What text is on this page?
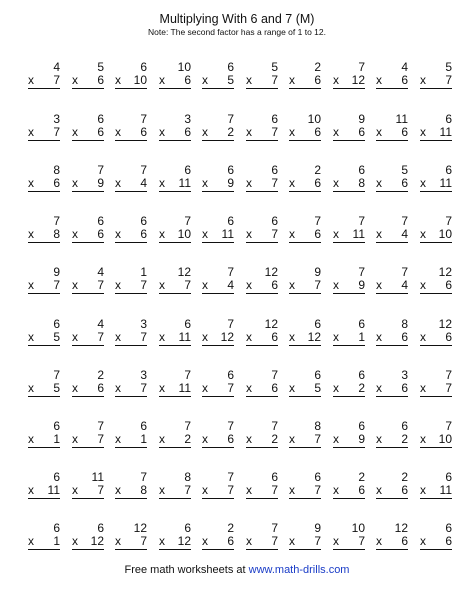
Multiplying With 6 and 7 (M)
Note: The second factor has a range of 1 to 12.
4
x 7
5
x 6
6
x 10
10
x 6
6
x 5
5
x 7
2
x 6
7
x 12
4
x 6
5
x 7
3
x 7
6
x 6
7
x 6
3
x 6
7
x 2
6
x 7
10
x 6
9
x 6
11
x 6
6
x 11
8
x 6
7
x 9
7
x 4
6
x 11
6
x 9
6
x 7
2
x 6
6
x 8
5
x 6
6
x 11
7
x 8
6
x 6
6
x 6
7
x 10
6
x 11
6
x 7
7
x 6
7
x 11
7
x 4
7
x 10
9
x 7
4
x 7
1
x 7
12
x 7
7
x 4
12
x 6
9
x 7
7
x 9
7
x 4
12
x 6
6
x 5
4
x 7
3
x 7
6
x 11
7
x 12
12
x 6
6
x 12
6
x 1
8
x 6
12
x 6
7
x 5
2
x 6
3
x 7
7
x 11
6
x 7
7
x 6
6
x 5
6
x 2
3
x 6
7
x 7
6
x 1
7
x 7
6
x 1
7
x 2
7
x 6
7
x 2
8
x 7
6
x 9
6
x 2
7
x 10
6
x 11
11
x 7
7
x 8
8
x 7
7
x 7
6
x 7
6
x 7
2
x 6
2
x 6
6
x 11
6
x 1
6
x 12
12
x 7
6
x 12
2
x 6
7
x 7
9
x 7
10
x 7
12
x 6
6
x 6
Free math worksheets at www.math-drills.com
